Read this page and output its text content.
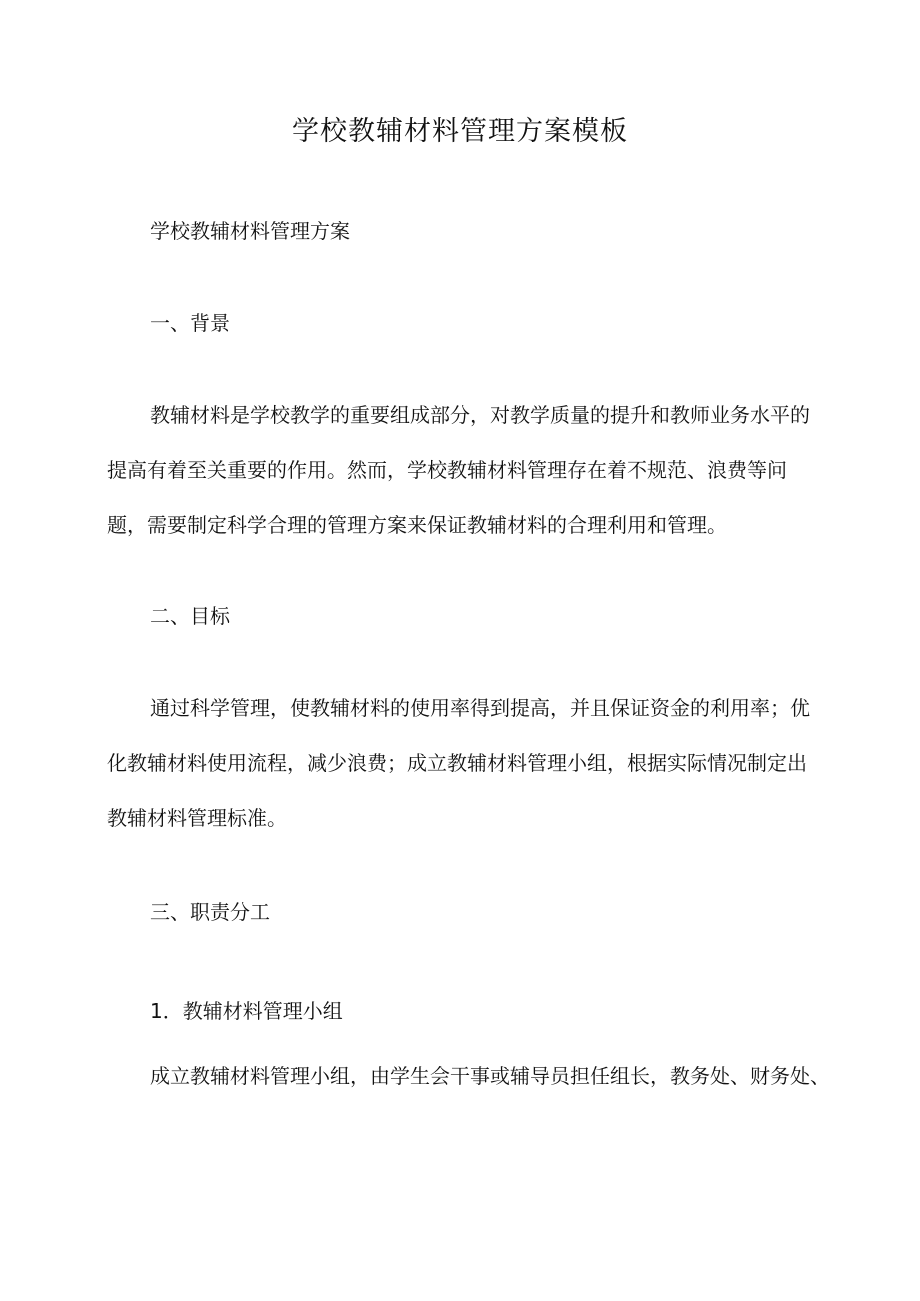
学校教辅材料管理方案模板
学校教辅材料管理方案
一、背景
教辅材料是学校教学的重要组成部分，对教学质量的提升和教师业务水平的
提高有着至关重要的作用。然而，学校教辅材料管理存在着不规范、浪费等问
题，需要制定科学合理的管理方案来保证教辅材料的合理利用和管理。
二、目标
通过科学管理，使教辅材料的使用率得到提高，并且保证资金的利用率；优
化教辅材料使用流程，减少浪费；成立教辅材料管理小组，根据实际情况制定出
教辅材料管理标准。
三、职责分工
1．教辅材料管理小组
成立教辅材料管理小组，由学生会干事或辅导员担任组长，教务处、财务处、
